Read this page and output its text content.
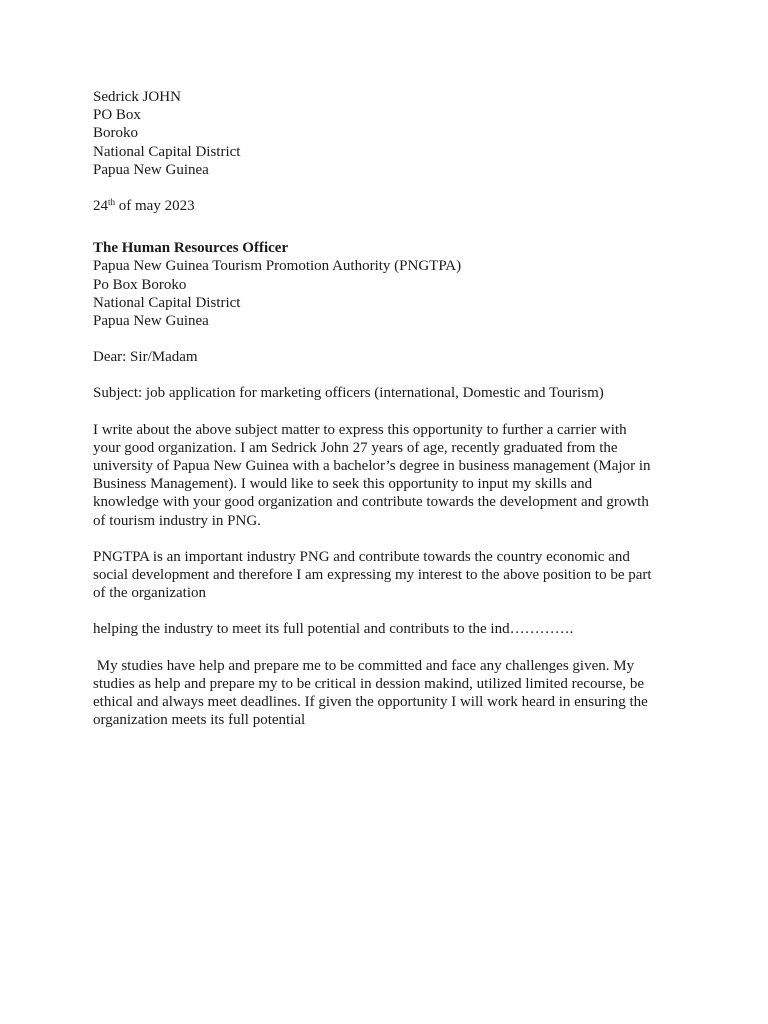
Sedrick JOHN
PO Box
Boroko
National Capital District
Papua New Guinea
24th of may 2023
The Human Resources Officer
Papua New Guinea Tourism Promotion Authority (PNGTPA)
Po Box Boroko
National Capital District
Papua New Guinea
Dear: Sir/Madam
Subject: job application for marketing officers (international, Domestic and Tourism)
I write about the above subject matter to express this opportunity to further a carrier with
your good organization. I am Sedrick John 27 years of age, recently graduated from the
university of Papua New Guinea with a bachelor’s degree in business management (Major in
Business Management). I would like to seek this opportunity to input my skills and
knowledge with your good organization and contribute towards the development and growth
of tourism industry in PNG.
PNGTPA is an important industry PNG and contribute towards the country economic and
social development and therefore I am expressing my interest to the above position to be part
of the organization
helping the industry to meet its full potential and contributs to the ind………….
My studies have help and prepare me to be committed and face any challenges given. My
studies as help and prepare my to be critical in dession makind, utilized limited recourse, be
ethical and always meet deadlines. If given the opportunity I will work heard in ensuring the
organization meets its full potential
